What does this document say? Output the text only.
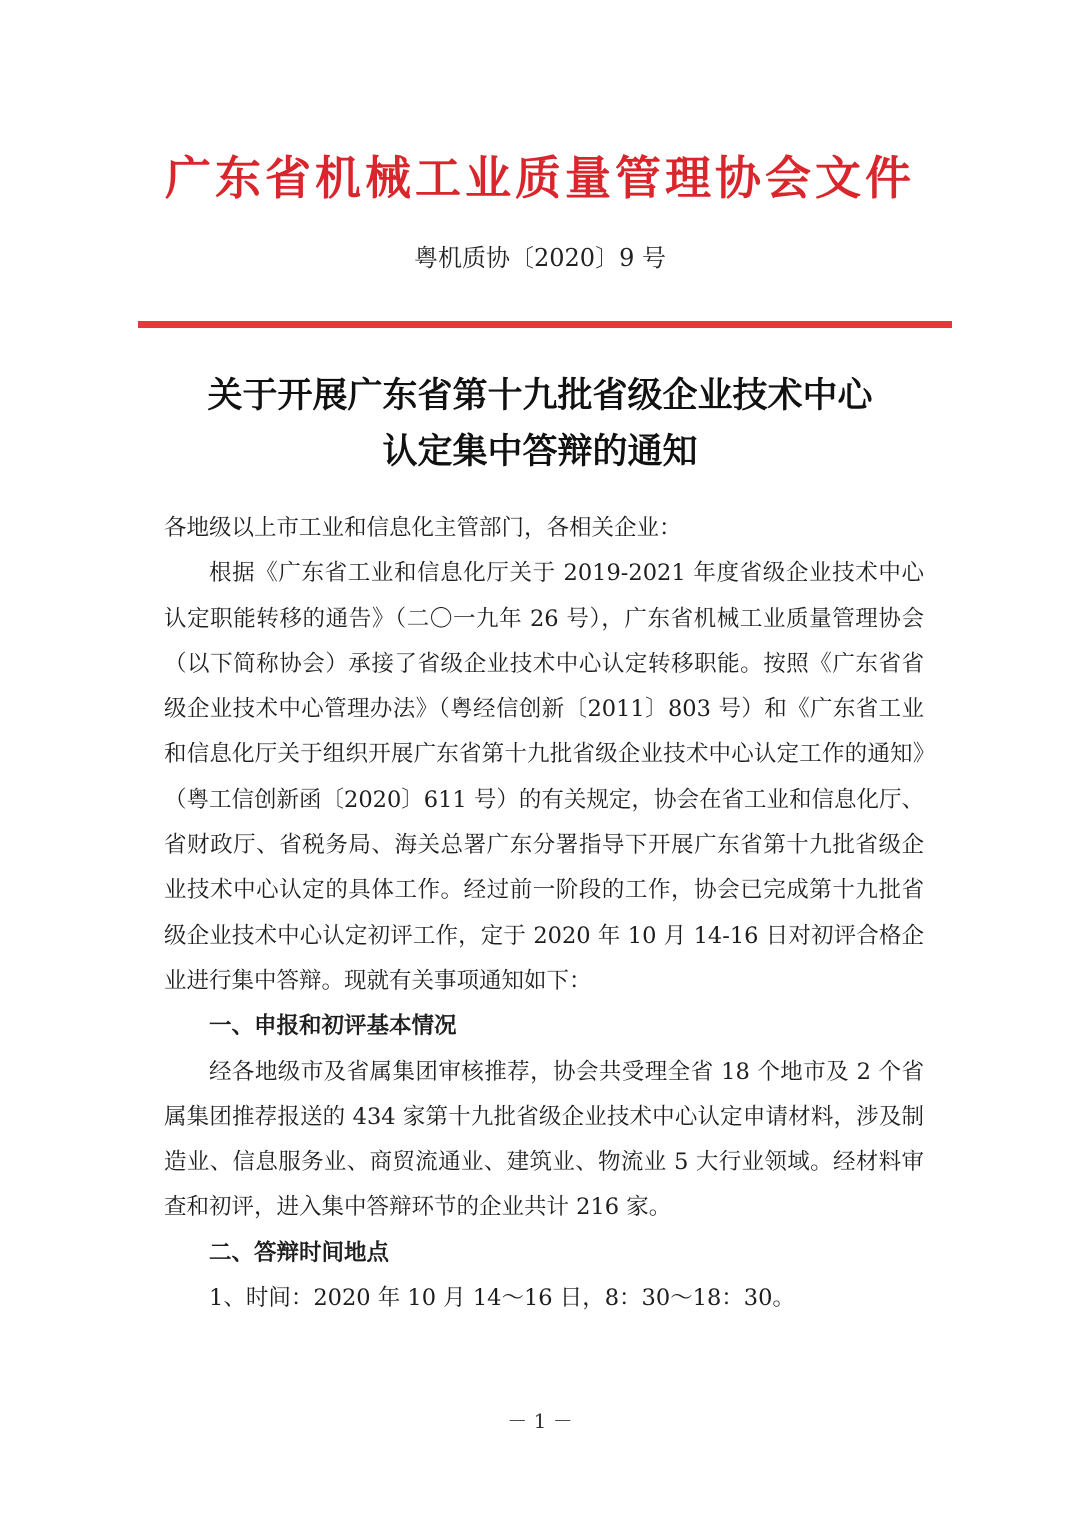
广东省机械工业质量管理协会文件
粤机质协〔2020〕9 号
关于开展广东省第十九批省级企业技术中心
认定集中答辩的通知

各地级以上市工业和信息化主管部门，各相关企业：

根据《广东省工业和信息化厅关于 2019-2021 年度省级企业技术中心认定职能转移的通告》（二〇一九年 26 号），广东省机械工业质量管理协会（以下简称协会）承接了省级企业技术中心认定转移职能。按照《广东省省级企业技术中心管理办法》（粤经信创新〔2011〕803 号）和《广东省工业和信息化厅关于组织开展广东省第十九批省级企业技术中心认定工作的通知》（粤工信创新函〔2020〕611 号）的有关规定，协会在省工业和信息化厅、省财政厅、省税务局、海关总署广东分署指导下开展广东省第十九批省级企业技术中心认定的具体工作。经过前一阶段的工作，协会已完成第十九批省级企业技术中心认定初评工作，定于 2020 年 10 月 14-16 日对初评合格企业进行集中答辩。现就有关事项通知如下：

一、申报和初评基本情况

经各地级市及省属集团审核推荐，协会共受理全省 18 个地市及 2 个省属集团推荐报送的 434 家第十九批省级企业技术中心认定申请材料，涉及制造业、信息服务业、商贸流通业、建筑业、物流业 5 大行业领域。经材料审查和初评，进入集中答辩环节的企业共计 216 家。

二、答辩时间地点

1、时间：2020 年 10 月 14～16 日，8：30～18：30。

－ 1 －
